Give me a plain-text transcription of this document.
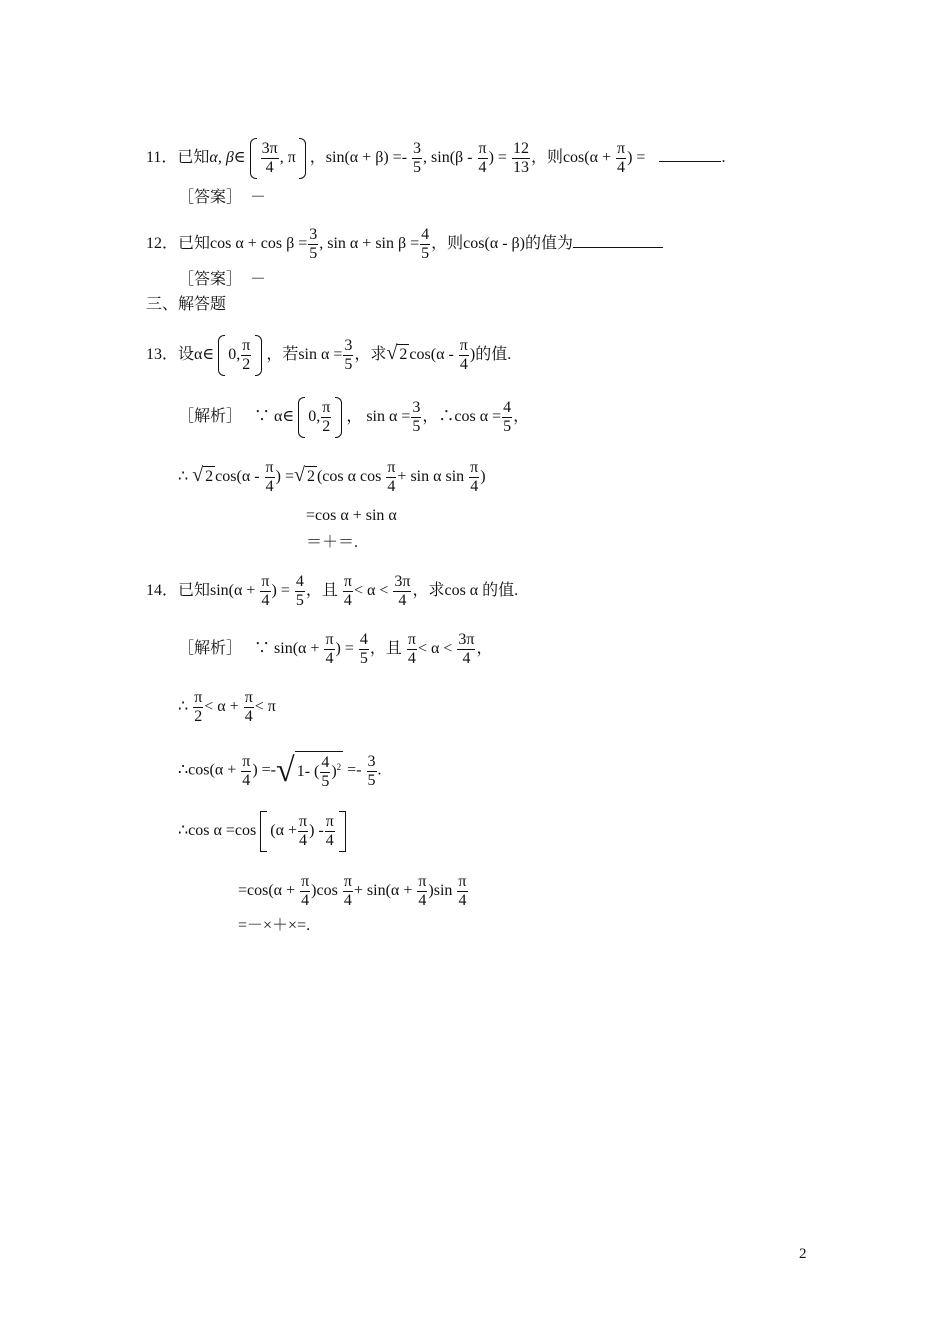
11．已知α, β∈ $\frac{3\pi}{4}$ , π ，$\sin(\alpha + \beta) =- \frac{3}{5}$ , $\sin(\beta - \frac{\pi}{4}$ ) = $\frac{12}{13}$ ，则$\cos(\alpha + \frac{\pi}{4}$ ) =	.
［答案］ －
12．已知$\cos \alpha + \cos \beta = \frac{3}{5}$ , $\sin \alpha + \sin \beta = \frac{4}{5}$ ，则cos(α - β)的值为
［答案］ －
三、解答题
13．设α∈ 0, $\frac{\pi}{2}$ ，若$\sin \alpha = \frac{3}{5}$ ，求√ 2 $\cos(\alpha - \frac{\pi}{4}$ )的值.
［解析］ ∵ α∈ 0, $\frac{\pi}{2}$ ， $\sin \alpha = \frac{3}{5}$ ，∴cos $\alpha = \frac{4}{5}$ ，
∴ √ 2 $\cos(\alpha - \frac{\pi}{4}$ ) =√ 2 (cos α $\cos \frac{\pi}{4} + \sin \alpha$ $\sin \frac{\pi}{4}$ )
=cos α + sin α
＝＋＝.
14．已知$\sin(\alpha + \frac{\pi}{4}$ ) = $\frac{4}{5}$ ，且 $\frac{\pi}{4} < \alpha < \frac{3\pi}{4}$ ，求cos α 的值.
［解析］ ∵ $\sin(\alpha + \frac{\pi}{4}$ ) = $\frac{4}{5}$ ，且 $\frac{\pi}{4} < \alpha < \frac{3\pi}{4}$ ，
∴ $\frac{\pi}{2} < \alpha + \frac{\pi}{4} < \pi$
∴cos(α + $\frac{\pi}{4}$ ) =-√ 1- ( $\frac{4}{5} )^2 =- \frac{3}{5}$ .
∴cos α =cos ($\alpha + \frac{\pi}{4}$ ) - $\frac{\pi}{4}$
$=\cos(\alpha + \frac{\pi}{4} )\cos \frac{\pi}{4} + \sin(\alpha + \frac{\pi}{4} )\sin \frac{\pi}{4}$
=－×＋×=.
2
